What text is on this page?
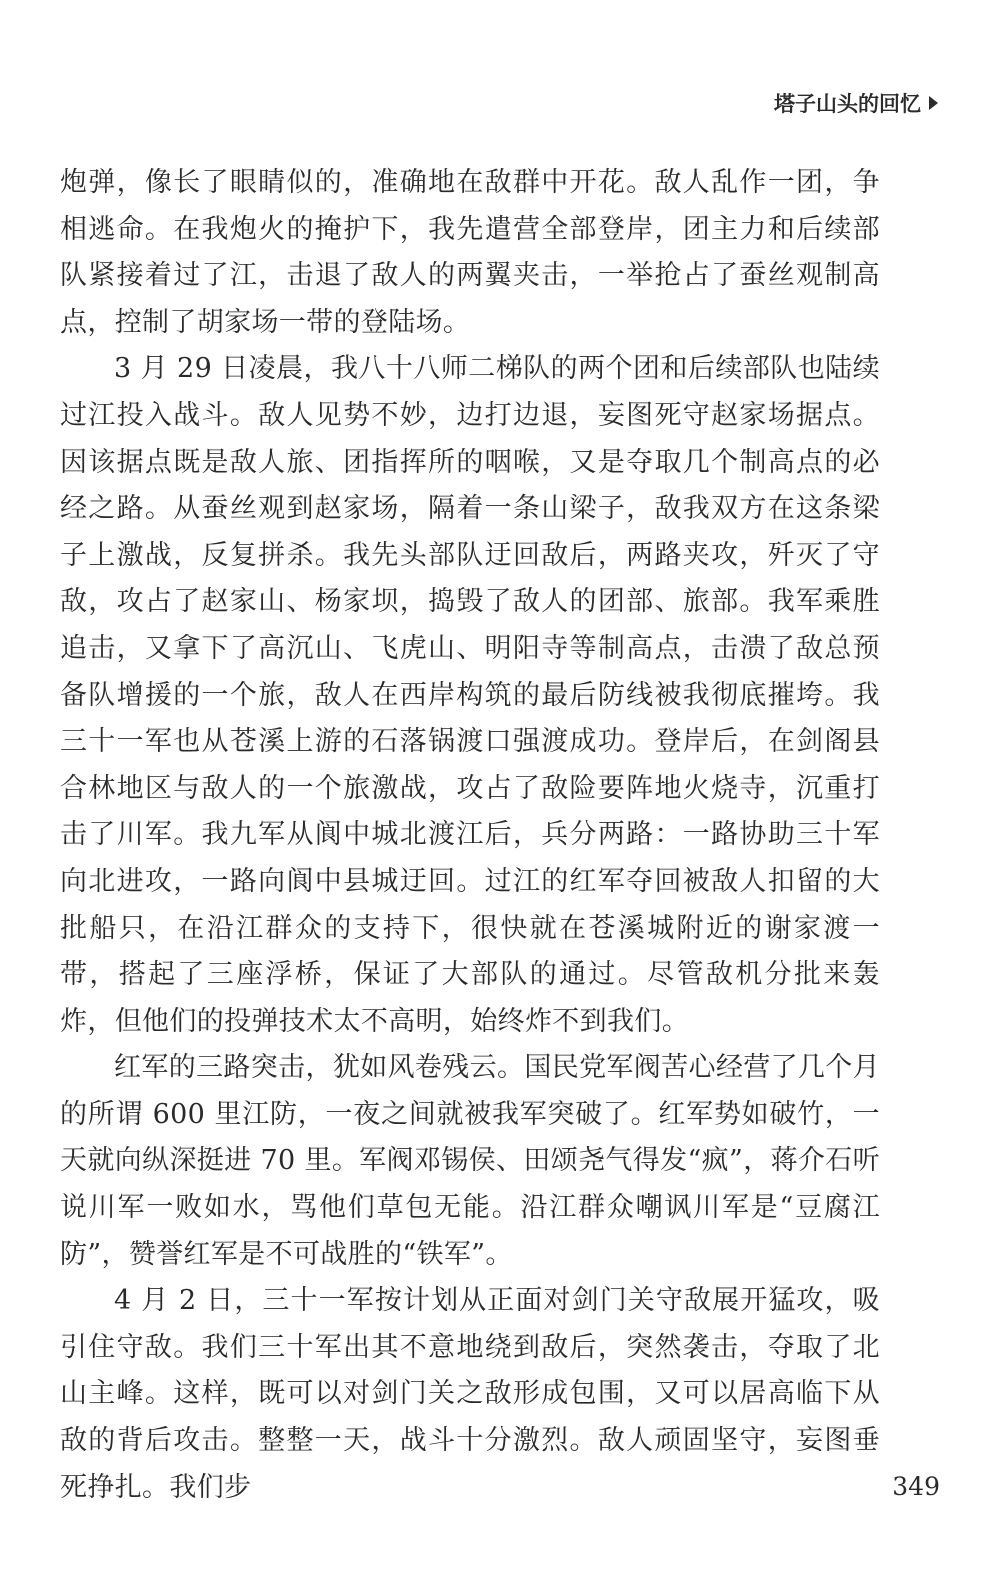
塔子山头的回忆

炮弹，像长了眼睛似的，准确地在敌群中开花。敌人乱作一团，争相逃命。在我炮火的掩护下，我先遣营全部登岸，团主力和后续部队紧接着过了江，击退了敌人的两翼夹击，一举抢占了蚕丝观制高点，控制了胡家场一带的登陆场。

3 月 29 日凌晨，我八十八师二梯队的两个团和后续部队也陆续过江投入战斗。敌人见势不妙，边打边退，妄图死守赵家场据点。因该据点既是敌人旅、团指挥所的咽喉，又是夺取几个制高点的必经之路。从蚕丝观到赵家场，隔着一条山梁子，敌我双方在这条梁子上激战，反复拼杀。我先头部队迂回敌后，两路夹攻，歼灭了守敌，攻占了赵家山、杨家坝，捣毁了敌人的团部、旅部。我军乘胜追击，又拿下了高沉山、飞虎山、明阳寺等制高点，击溃了敌总预备队增援的一个旅，敌人在西岸构筑的最后防线被我彻底摧垮。我三十一军也从苍溪上游的石落锅渡口强渡成功。登岸后，在剑阁县合林地区与敌人的一个旅激战，攻占了敌险要阵地火烧寺，沉重打击了川军。我九军从阆中城北渡江后，兵分两路：一路协助三十军向北进攻，一路向阆中县城迂回。过江的红军夺回被敌人扣留的大批船只，在沿江群众的支持下，很快就在苍溪城附近的谢家渡一带，搭起了三座浮桥，保证了大部队的通过。尽管敌机分批来轰炸，但他们的投弹技术太不高明，始终炸不到我们。

红军的三路突击，犹如风卷残云。国民党军阀苦心经营了几个月的所谓 600 里江防，一夜之间就被我军突破了。红军势如破竹，一天就向纵深挺进 70 里。军阀邓锡侯、田颂尧气得发“疯”，蒋介石听说川军一败如水，骂他们草包无能。沿江群众嘲讽川军是“豆腐江防”，赞誉红军是不可战胜的“铁军”。

4 月 2 日，三十一军按计划从正面对剑门关守敌展开猛攻，吸引住守敌。我们三十军出其不意地绕到敌后，突然袭击，夺取了北山主峰。这样，既可以对剑门关之敌形成包围，又可以居高临下从敌的背后攻击。整整一天，战斗十分激烈。敌人顽固坚守，妄图垂死挣扎。我们步	349
